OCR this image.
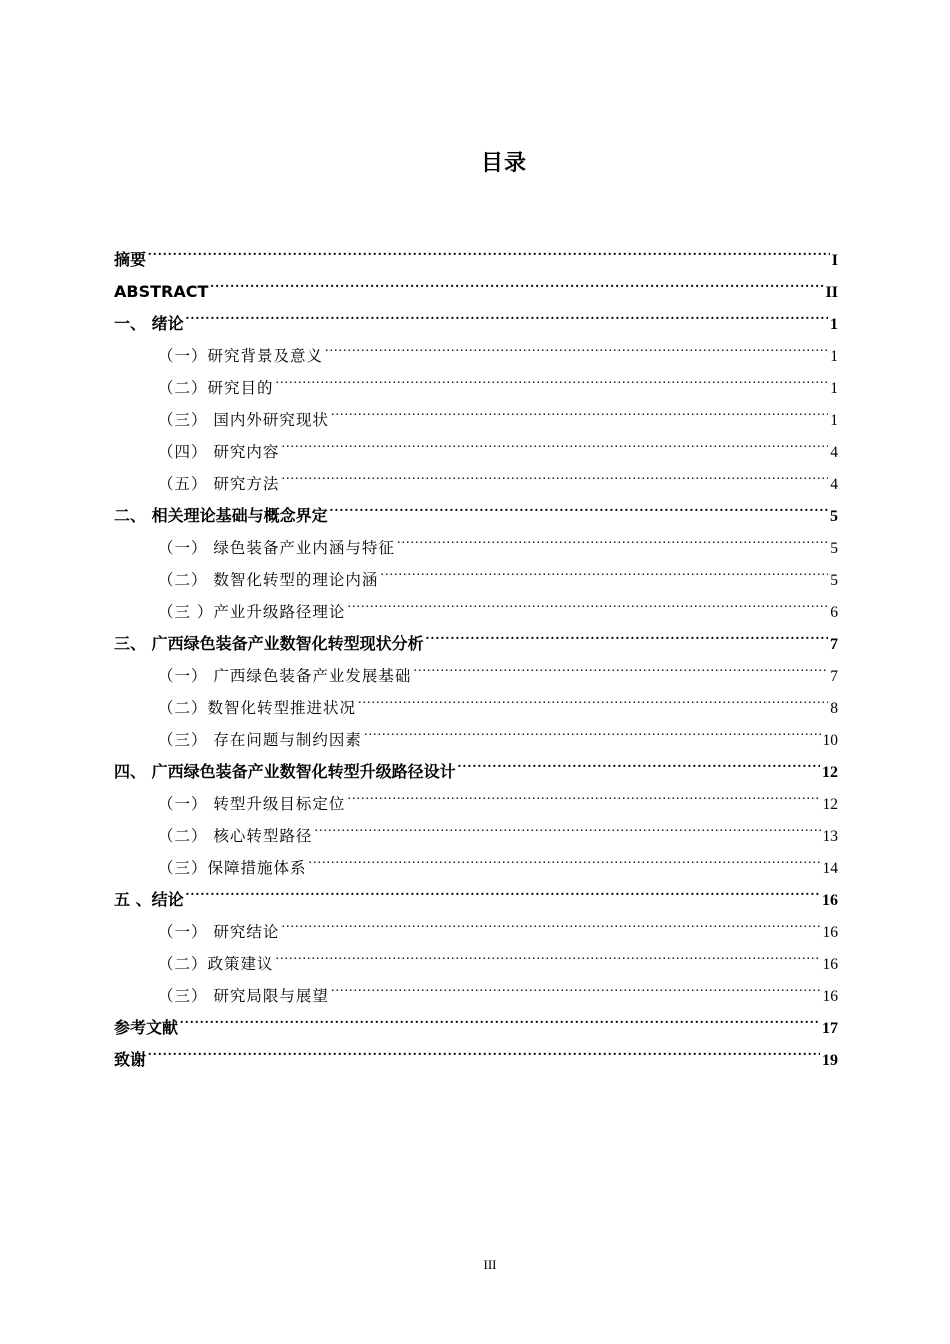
目录
摘要 .....	I
ABSTRACT .....	II
一、 绪论 .....	1
（一）研究背景及意义 .....	1
（二）研究目的 .....	1
（三） 国内外研究现状 .....	1
（四） 研究内容 .....	4
（五） 研究方法 .....	4
二、 相关理论基础与概念界定 .....	5
（一） 绿色装备产业内涵与特征 .....	5
（二） 数智化转型的理论内涵 .....	5
（三 ）产业升级路径理论 .....	6
三、 广西绿色装备产业数智化转型现状分析 .....	7
（一） 广西绿色装备产业发展基础 .....	7
（二）数智化转型推进状况 .....	8
（三） 存在问题与制约因素 .....	10
四、 广西绿色装备产业数智化转型升级路径设计 .....	12
（一） 转型升级目标定位 .....	12
（二） 核心转型路径 .....	13
（三）保障措施体系 .....	14
五 、结论 .....	16
（一） 研究结论 .....	16
（二）政策建议 .....	16
（三） 研究局限与展望 .....	16
参考文献 .....	17
致谢 .....	19
III
